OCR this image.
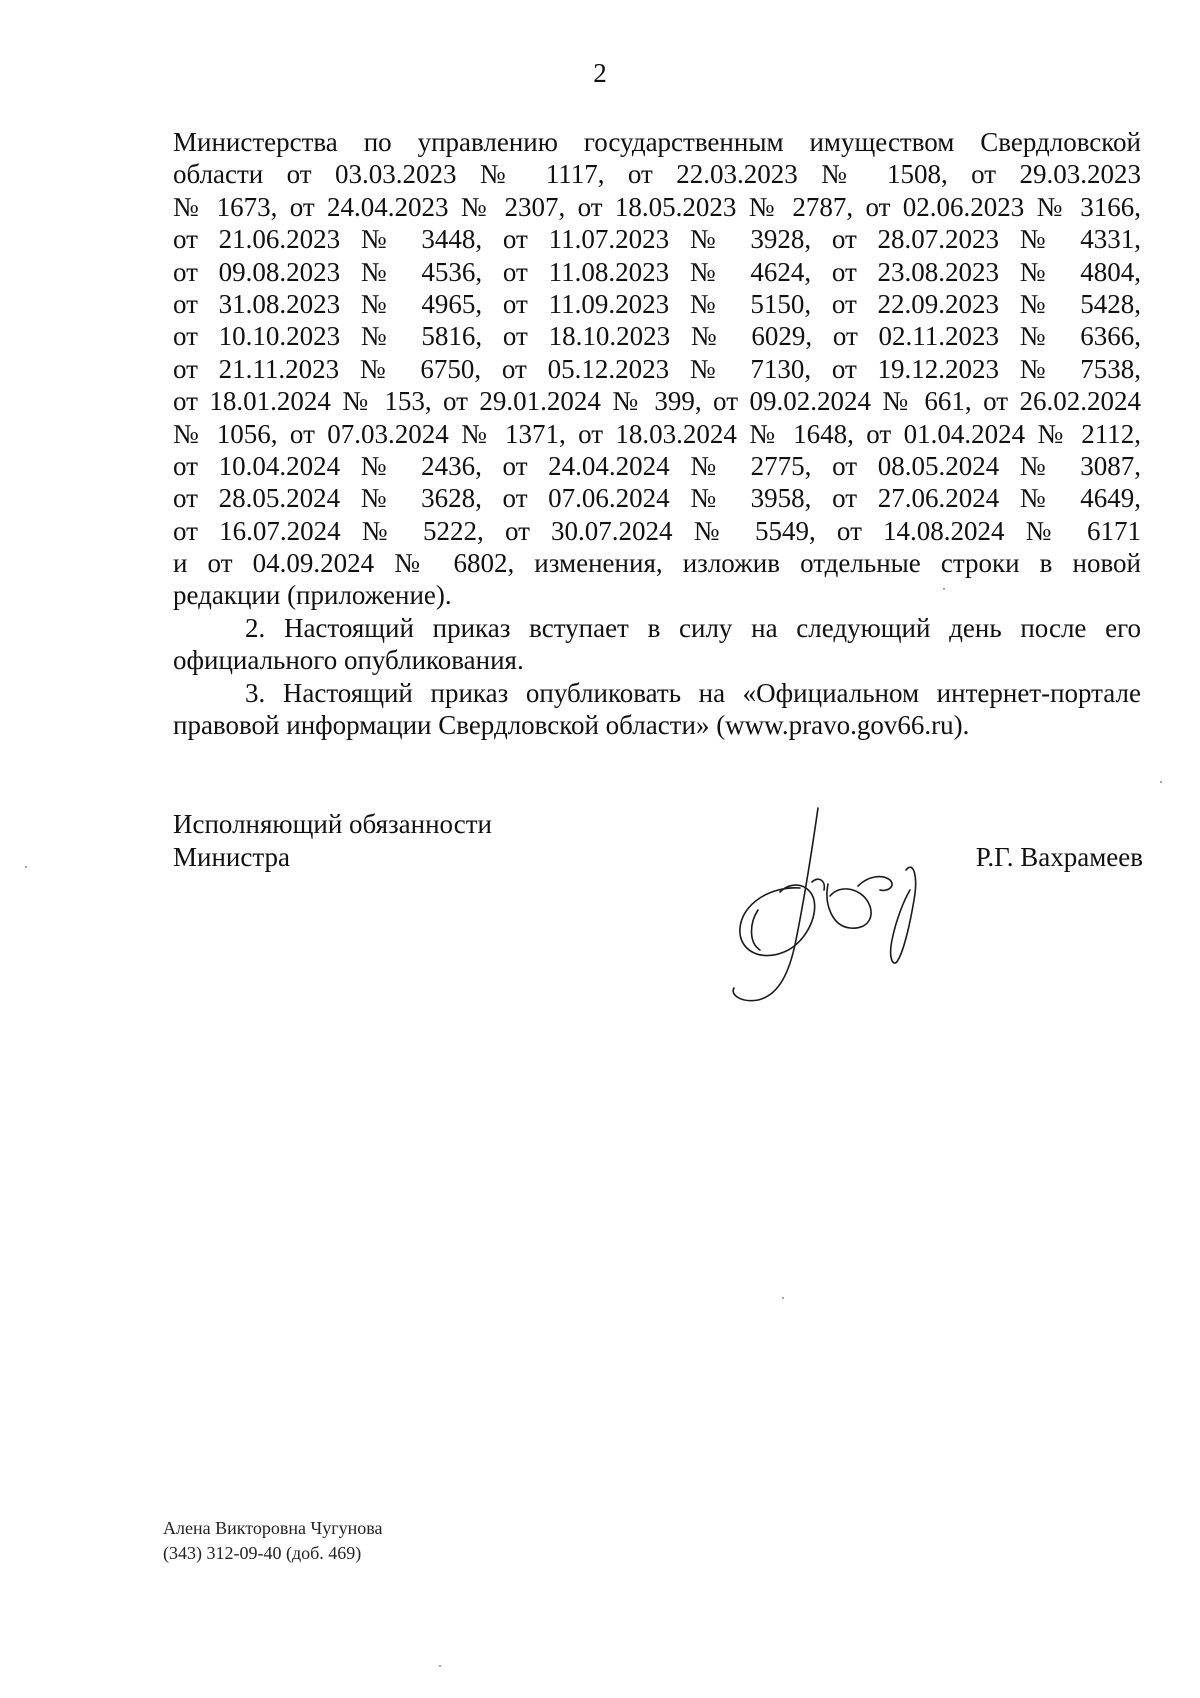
2
Министерства по управлению государственным имуществом Свердловской
области от 03.03.2023 № 1117, от 22.03.2023 № 1508, от 29.03.2023
№ 1673, от 24.04.2023 № 2307, от 18.05.2023 № 2787, от 02.06.2023 № 3166,
от 21.06.2023 № 3448, от 11.07.2023 № 3928, от 28.07.2023 № 4331,
от 09.08.2023 № 4536, от 11.08.2023 № 4624, от 23.08.2023 № 4804,
от 31.08.2023 № 4965, от 11.09.2023 № 5150, от 22.09.2023 № 5428,
от 10.10.2023 № 5816, от 18.10.2023 № 6029, от 02.11.2023 № 6366,
от 21.11.2023 № 6750, от 05.12.2023 № 7130, от 19.12.2023 № 7538,
от 18.01.2024 № 153, от 29.01.2024 № 399, от 09.02.2024 № 661, от 26.02.2024
№ 1056, от 07.03.2024 № 1371, от 18.03.2024 № 1648, от 01.04.2024 № 2112,
от 10.04.2024 № 2436, от 24.04.2024 № 2775, от 08.05.2024 № 3087,
от 28.05.2024 № 3628, от 07.06.2024 № 3958, от 27.06.2024 № 4649,
от 16.07.2024 № 5222, от 30.07.2024 № 5549, от 14.08.2024 № 6171
и от 04.09.2024 № 6802, изменения, изложив отдельные строки в новой
редакции (приложение).
2. Настоящий приказ вступает в силу на следующий день после его
официального опубликования.
3. Настоящий приказ опубликовать на «Официальном интернет-портале
правовой информации Свердловской области» (www.pravo.gov66.ru).
Исполняющий обязанности
Министра	Р.Г. Вахрамеев
Алена Викторовна Чугунова
(343) 312-09-40 (доб. 469)
